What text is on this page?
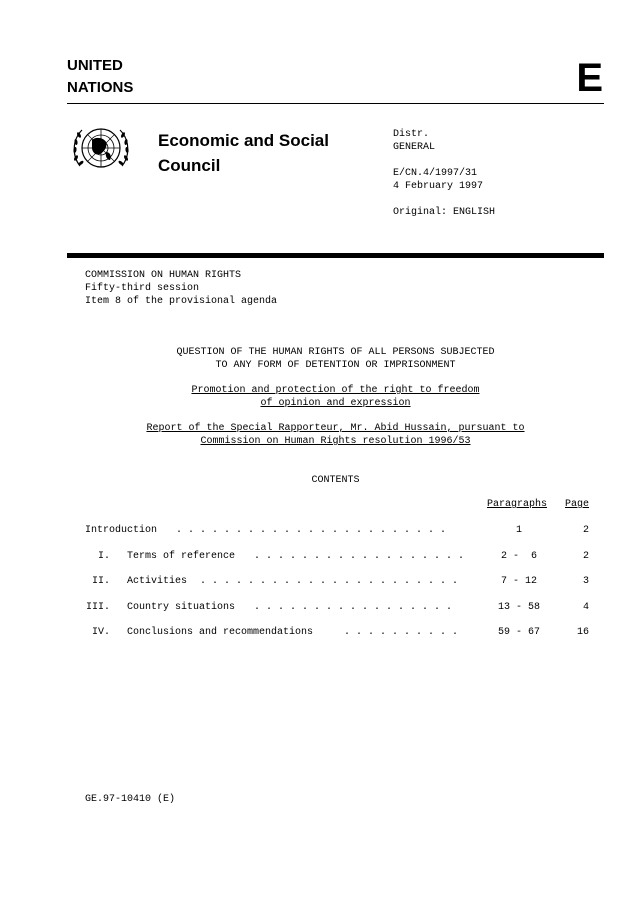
UNITED
NATIONS	E
Economic and Social
Council
Distr.
GENERAL
E/CN.4/1997/31
4 February 1997
Original: ENGLISH
COMMISSION ON HUMAN RIGHTS
Fifty-third session
Item 8 of the provisional agenda
QUESTION OF THE HUMAN RIGHTS OF ALL PERSONS SUBJECTED
TO ANY FORM OF DETENTION OR IMPRISONMENT
Promotion and protection of the right to freedom
of opinion and expression
Report of the Special Rapporteur, Mr. Abid Hussain, pursuant to
Commission on Human Rights resolution 1996/53
CONTENTS
Paragraphs Page
Introduction . . . . . . . . . . . . . . . . . . . . . . .	1	2
I. Terms of reference . . . . . . . . . . . . . . . . . .	2 -  6	2
II. Activities . . . . . . . . . . . . . . . . . . . . . .	7 - 12	3
III. Country situations . . . . . . . . . . . . . . . . .	13 - 58	4
IV. Conclusions and recommendations	. . . . . . . . . .	59 - 67	16
GE.97-10410 (E)
